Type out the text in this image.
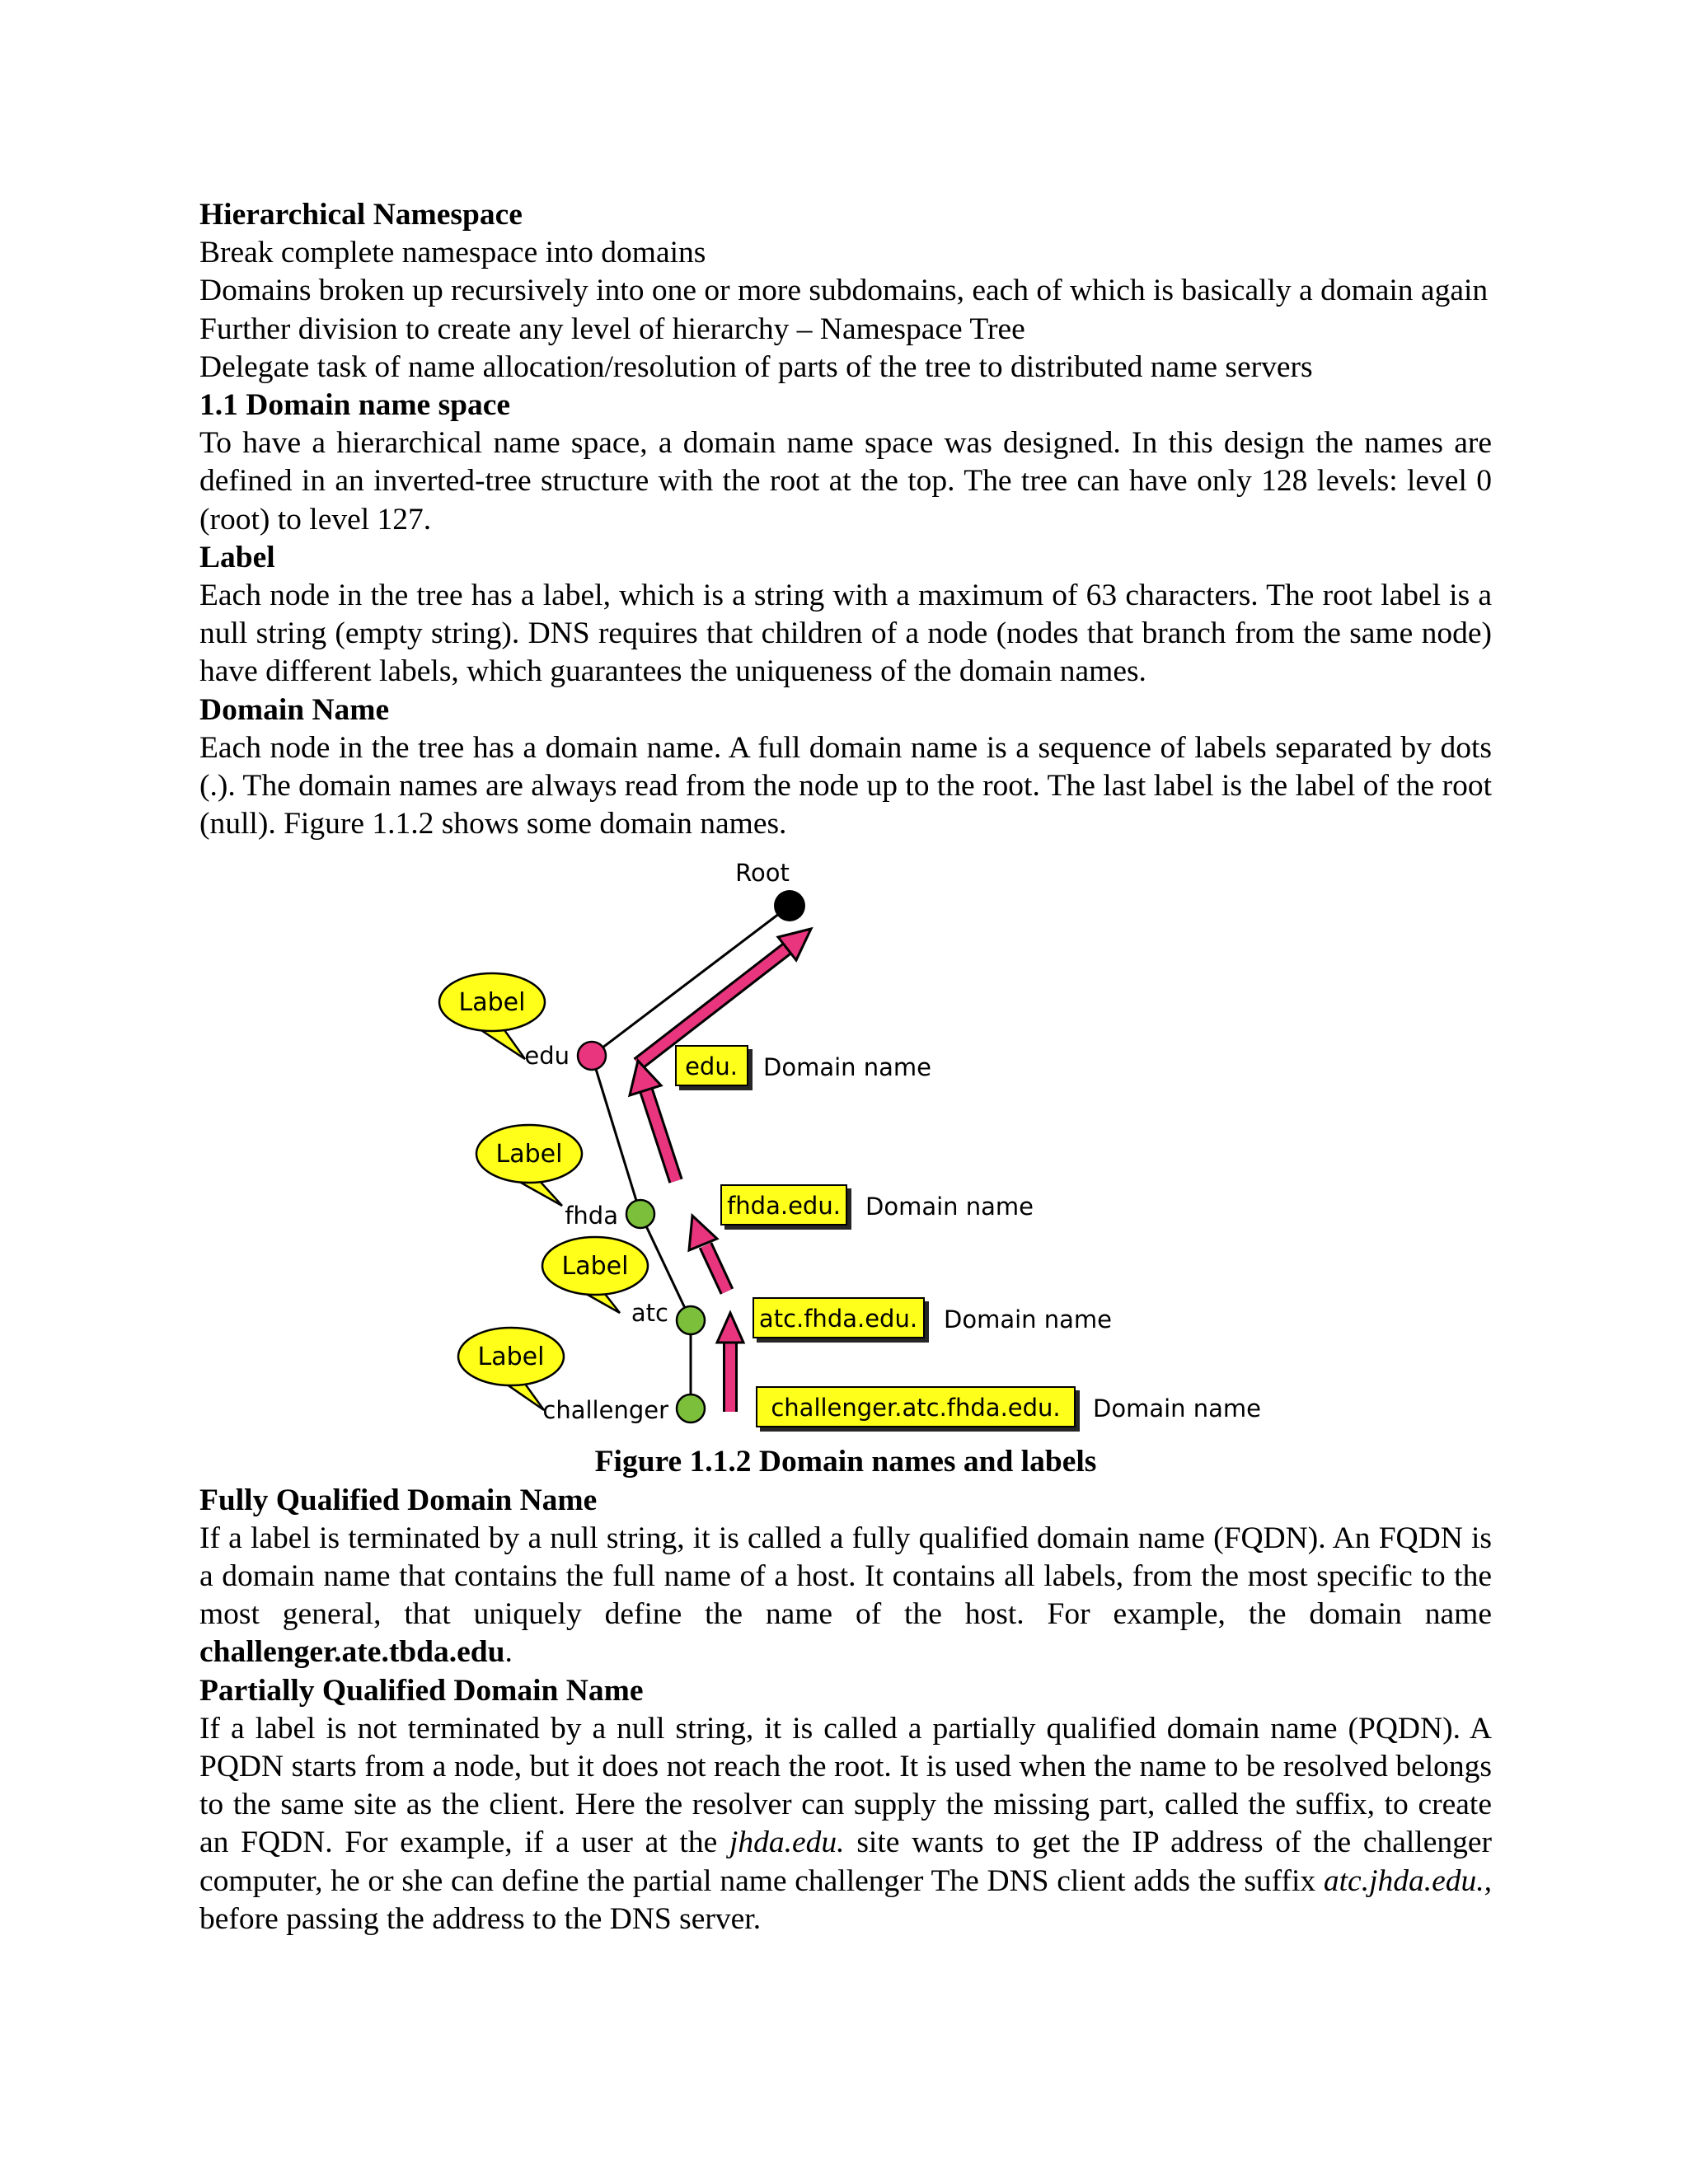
Hierarchical Namespace

Break complete namespace into domains

Domains broken up recursively into one or more subdomains, each of which is basically a domain again

Further division to create any level of hierarchy – Namespace Tree

Delegate task of name allocation/resolution of parts of the tree to distributed name servers

1.1 Domain name space

To have a hierarchical name space, a domain name space was designed. In this design the names are defined in an inverted-tree structure with the root at the top. The tree can have only 128 levels: level 0 (root) to level 127.

Label

Each node in the tree has a label, which is a string with a maximum of 63 characters. The root label is a null string (empty string). DNS requires that children of a node (nodes that branch from the same node) have different labels, which guarantees the uniqueness of the domain names.

Domain Name

Each node in the tree has a domain name. A full domain name is a sequence of labels separated by dots (.). The domain names are always read from the node up to the root. The last label is the label of the root (null). Figure 1.1.2 shows some domain names.

Root
edu
fhda
atc
challenger
Label
Label
Label
Label
edu. Domain name
fhda.edu. Domain name
atc.fhda.edu. Domain name
challenger.atc.fhda.edu. Domain name

Figure 1.1.2 Domain names and labels

Fully Qualified Domain Name

If a label is terminated by a null string, it is called a fully qualified domain name (FQDN). An FQDN is a domain name that contains the full name of a host. It contains all labels, from the most specific to the most general, that uniquely define the name of the host. For example, the domain name challenger.ate.tbda.edu.

Partially Qualified Domain Name

If a label is not terminated by a null string, it is called a partially qualified domain name (PQDN). A PQDN starts from a node, but it does not reach the root. It is used when the name to be resolved belongs to the same site as the client. Here the resolver can supply the missing part, called the suffix, to create an FQDN. For example, if a user at the jhda.edu. site wants to get the IP address of the challenger computer, he or she can define the partial name challenger The DNS client adds the suffix atc.jhda.edu., before passing the address to the DNS server.
